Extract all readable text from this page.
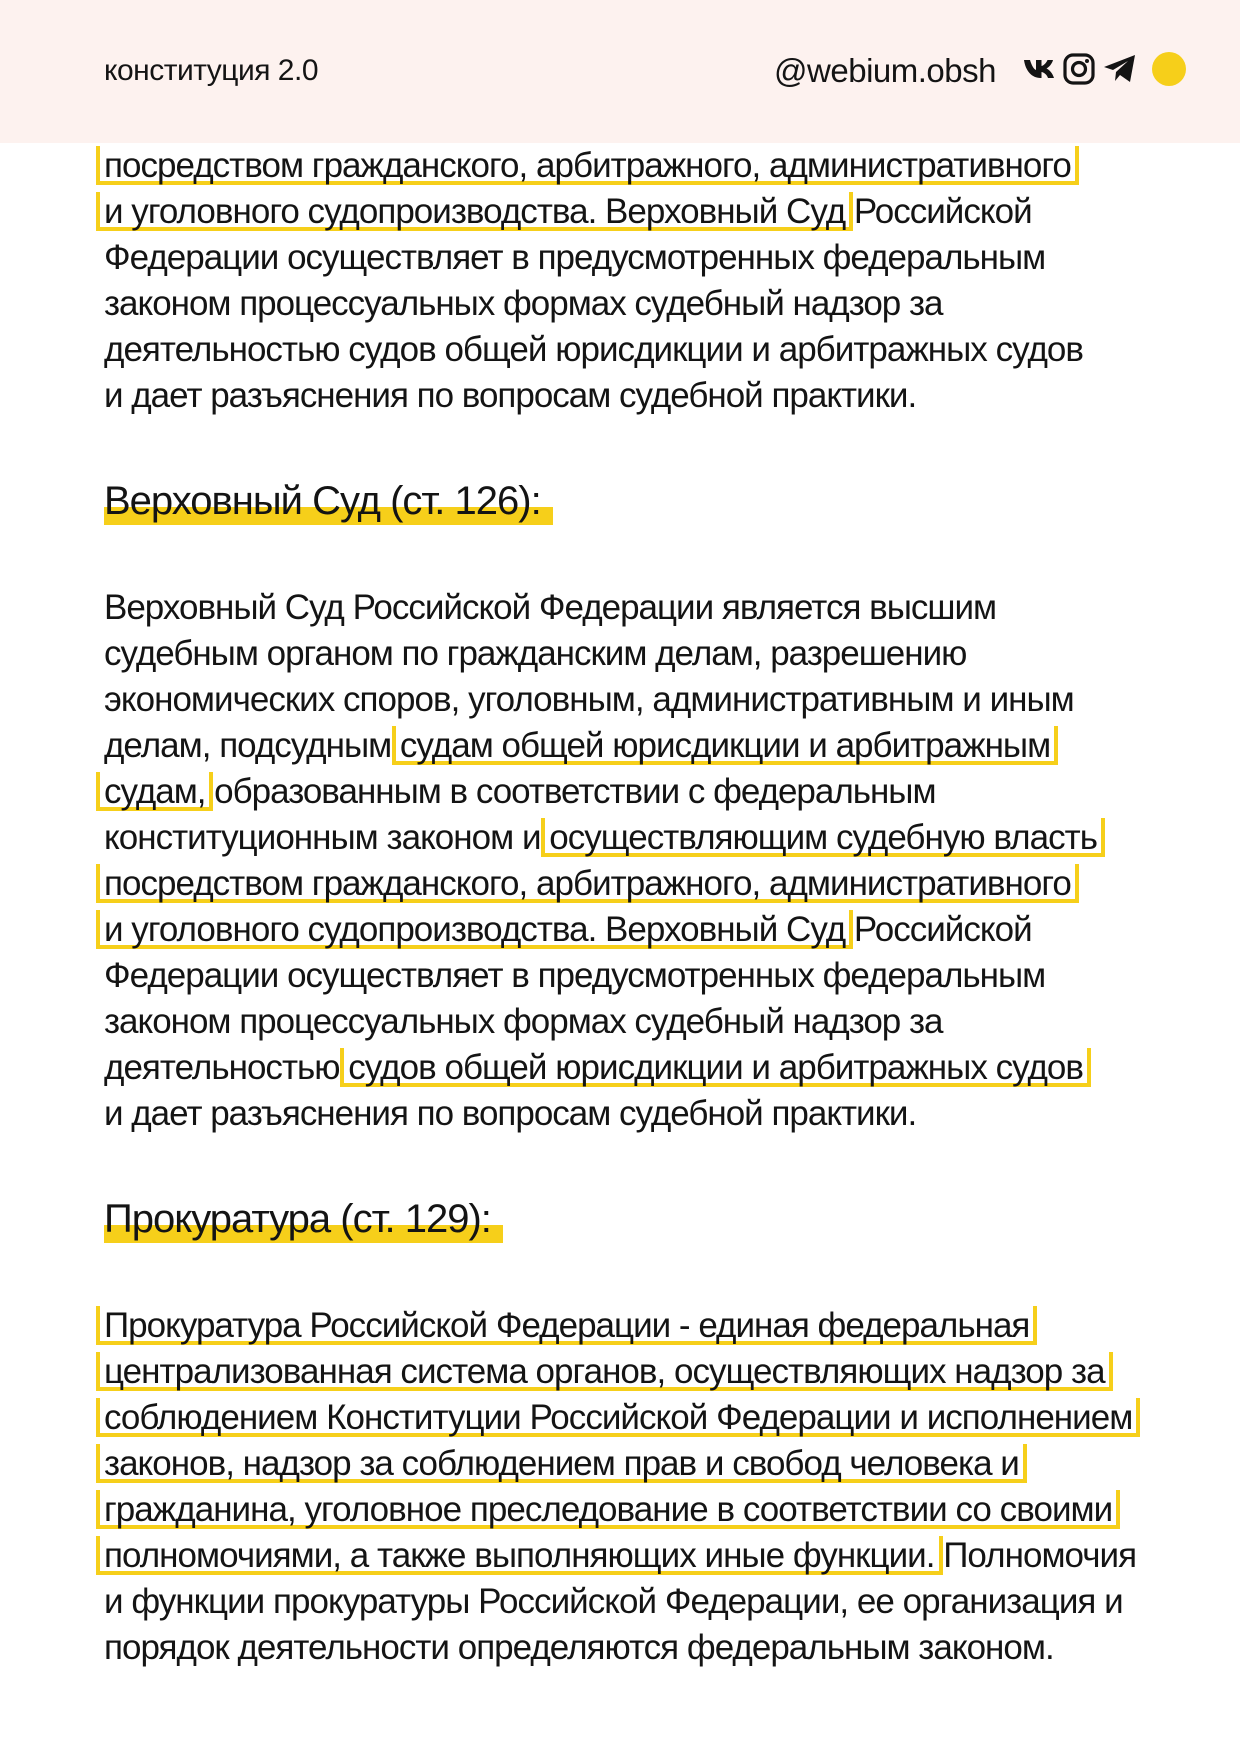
конституция 2.0	@webium.obsh
посредством гражданского, арбитражного, административного
и уголовного судопроизводства. Верховный Суд Российской
Федерации осуществляет в предусмотренных федеральным
законом процессуальных формах судебный надзор за
деятельностью судов общей юрисдикции и арбитражных судов
и дает разъяснения по вопросам судебной практики.
Верховный Суд (ст. 126):
Верховный Суд Российской Федерации является высшим
судебным органом по гражданским делам, разрешению
экономических споров, уголовным, административным и иным
делам, подсудным судам общей юрисдикции и арбитражным
судам, образованным в соответствии с федеральным
конституционным законом и осуществляющим судебную власть
посредством гражданского, арбитражного, административного
и уголовного судопроизводства. Верховный Суд Российской
Федерации осуществляет в предусмотренных федеральным
законом процессуальных формах судебный надзор за
деятельностью судов общей юрисдикции и арбитражных судов
и дает разъяснения по вопросам судебной практики.
Прокуратура (ст. 129):
Прокуратура Российской Федерации - единая федеральная
централизованная система органов, осуществляющих надзор за
соблюдением Конституции Российской Федерации и исполнением
законов, надзор за соблюдением прав и свобод человека и
гражданина, уголовное преследование в соответствии со своими
полномочиями, а также выполняющих иные функции. Полномочия
и функции прокуратуры Российской Федерации, ее организация и
порядок деятельности определяются федеральным законом.
